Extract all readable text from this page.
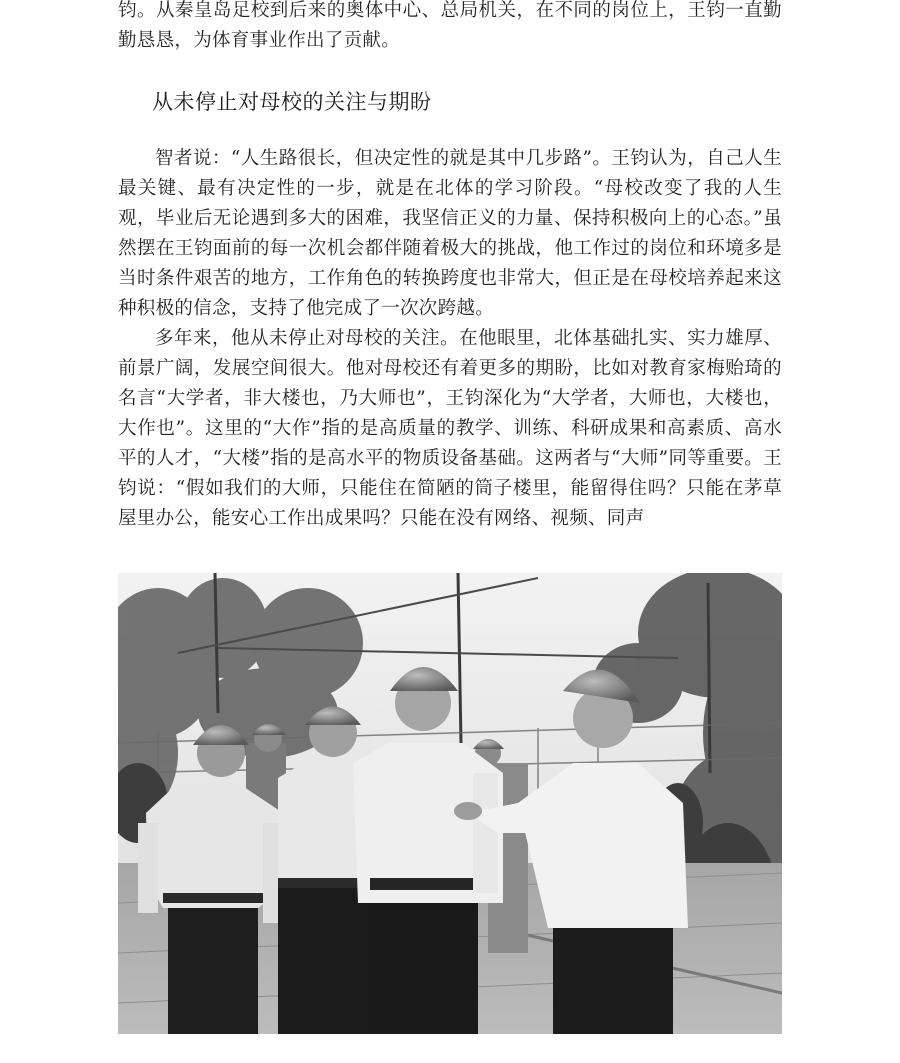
钧。从秦皇岛足校到后来的奥体中心、总局机关，在不同的岗位上，王钧一直勤勤恳恳，为体育事业作出了贡献。
从未停止对母校的关注与期盼

智者说：“人生路很长，但决定性的就是其中几步路”。王钧认为，自己人生最关键、最有决定性的一步，就是在北体的学习阶段。“母校改变了我的人生观，毕业后无论遇到多大的困难，我坚信正义的力量、保持积极向上的心态。”虽然摆在王钧面前的每一次机会都伴随着极大的挑战，他工作过的岗位和环境多是当时条件艰苦的地方，工作角色的转换跨度也非常大，但正是在母校培养起来这种积极的信念，支持了他完成了一次次跨越。

多年来，他从未停止对母校的关注。在他眼里，北体基础扎实、实力雄厚、前景广阔，发展空间很大。他对母校还有着更多的期盼，比如对教育家梅贻琦的名言“大学者，非大楼也，乃大师也”，王钧深化为“大学者，大师也，大楼也，大作也”。这里的“大作”指的是高质量的教学、训练、科研成果和高素质、高水平的人才，“大楼”指的是高水平的物质设备基础。这两者与“大师”同等重要。王钧说：“假如我们的大师，只能住在简陋的筒子楼里，能留得住吗？只能在茅草屋里办公，能安心工作出成果吗？只能在没有网络、视频、同声
